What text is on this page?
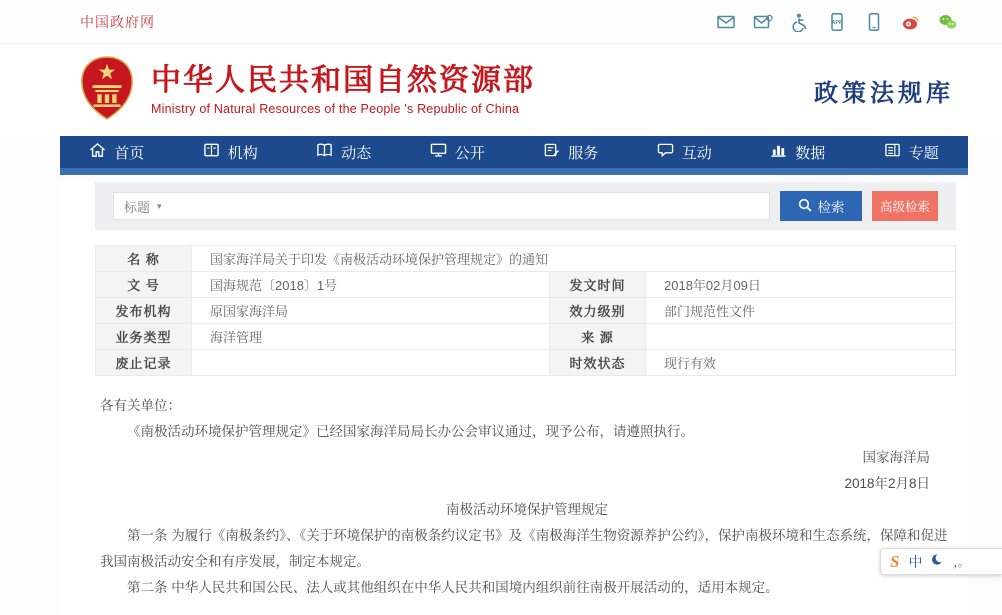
中国政府网	APP
中华人民共和国自然资源部
Ministry of Natural Resources of the People 's Republic of China
政策法规库
首页	机构	动态	公开	服务	互动	数据	专题
标题 ▾	检索	高级检索
名 称	国家海洋局关于印发《南极活动环境保护管理规定》的通知		
文 号	国海规范〔2018〕1号	发文时间	2018年02月09日
发布机构	原国家海洋局	效力级别	部门规范性文件
业务类型	海洋管理	来 源	
废止记录		时效状态	现行有效

各有关单位：

《南极活动环境保护管理规定》已经国家海洋局局长办公会审议通过，现予公布，请遵照执行。

国家海洋局

2018年2月8日

南极活动环境保护管理规定

第一条 为履行《南极条约》、《关于环境保护的南极条约议定书》及《南极海洋生物资源养护公约》，保护南极环境和生态系统，保障和促进我国南极活动安全和有序发展，制定本规定。

第二条 中华人民共和国公民、法人或其他组织在中华人民共和国境内组织前往南极开展活动的，适用本规定。

S 中	，。
